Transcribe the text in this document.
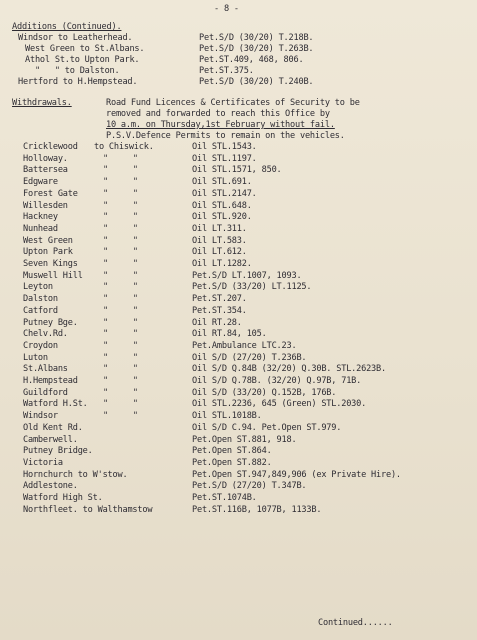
- 8 -
Additions (Continued).
Windsor to Leatherhead.	Pet.S/D (30/20) T.218B.
West Green to St.Albans.	Pet.S/D (30/20) T.263B.
Athol St.to Upton Park.	Pet.ST.409, 468, 806.
"   " to Dalston.	Pet.ST.375.
Hertford to H.Hempstead.	Pet.S/D (30/20) T.240B.
Withdrawals.	Road Fund Licences & Certificates of Security to be
removed and forwarded to reach this Office by
10 a.m. on Thursday,1st February without fail.
P.S.V.Defence Permits to remain on the vehicles.
Cricklewood to Chiswick.	Oil STL.1543.
Holloway.	"     "	Oil STL.1197.
Battersea	"     "	Oil STL.1571, 850.
Edgware	"     "	Oil STL.691.
Forest Gate	"     "	Oil STL.2147.
Willesden	"     "	Oil STL.648.
Hackney	"     "	Oil STL.920.
Nunhead	"     "	Oil LT.311.
West Green	"     "	Oil LT.583.
Upton Park	"     "	Oil LT.612.
Seven Kings	"     "	Oil LT.1282.
Muswell Hill "     "	Pet.S/D LT.1007, 1093.
Leyton	"     "	Pet.S/D (33/20) LT.1125.
Dalston	"     "	Pet.ST.207.
Catford	"     "	Pet.ST.354.
Putney Bge.	"     "	Oil RT.28.
Chelv.Rd.	"     "	Oil RT.84, 105.
Croydon	"     "	Pet.Ambulance LTC.23.
Luton	"     "	Oil S/D (27/20) T.236B.
St.Albans	"     "	Oil S/D Q.84B (32/20) Q.30B. STL.2623B.
H.Hempstead	"     "	Oil S/D Q.78B. (32/20) Q.97B, 71B.
Guildford	"     "	Oil S/D (33/20) Q.152B, 176B.
Watford H.St. "     "	Oil STL.2236, 645 (Green) STL.2030.
Windsor	"     "	Oil STL.1018B.
Old Kent Rd.	Oil S/D C.94. Pet.Open ST.979.
Camberwell.	Pet.Open ST.881, 918.
Putney Bridge.	Pet.Open ST.864.
Victoria	Pet.Open ST.882.
Hornchurch to W'stow.	Pet.Open ST.947,849,906 (ex Private Hire).
Addlestone.	Pet.S/D (27/20) T.347B.
Watford High St.	Pet.ST.1074B.
Northfleet. to Walthamstow	Pet.ST.116B, 1077B, 1133B.
Continued......
